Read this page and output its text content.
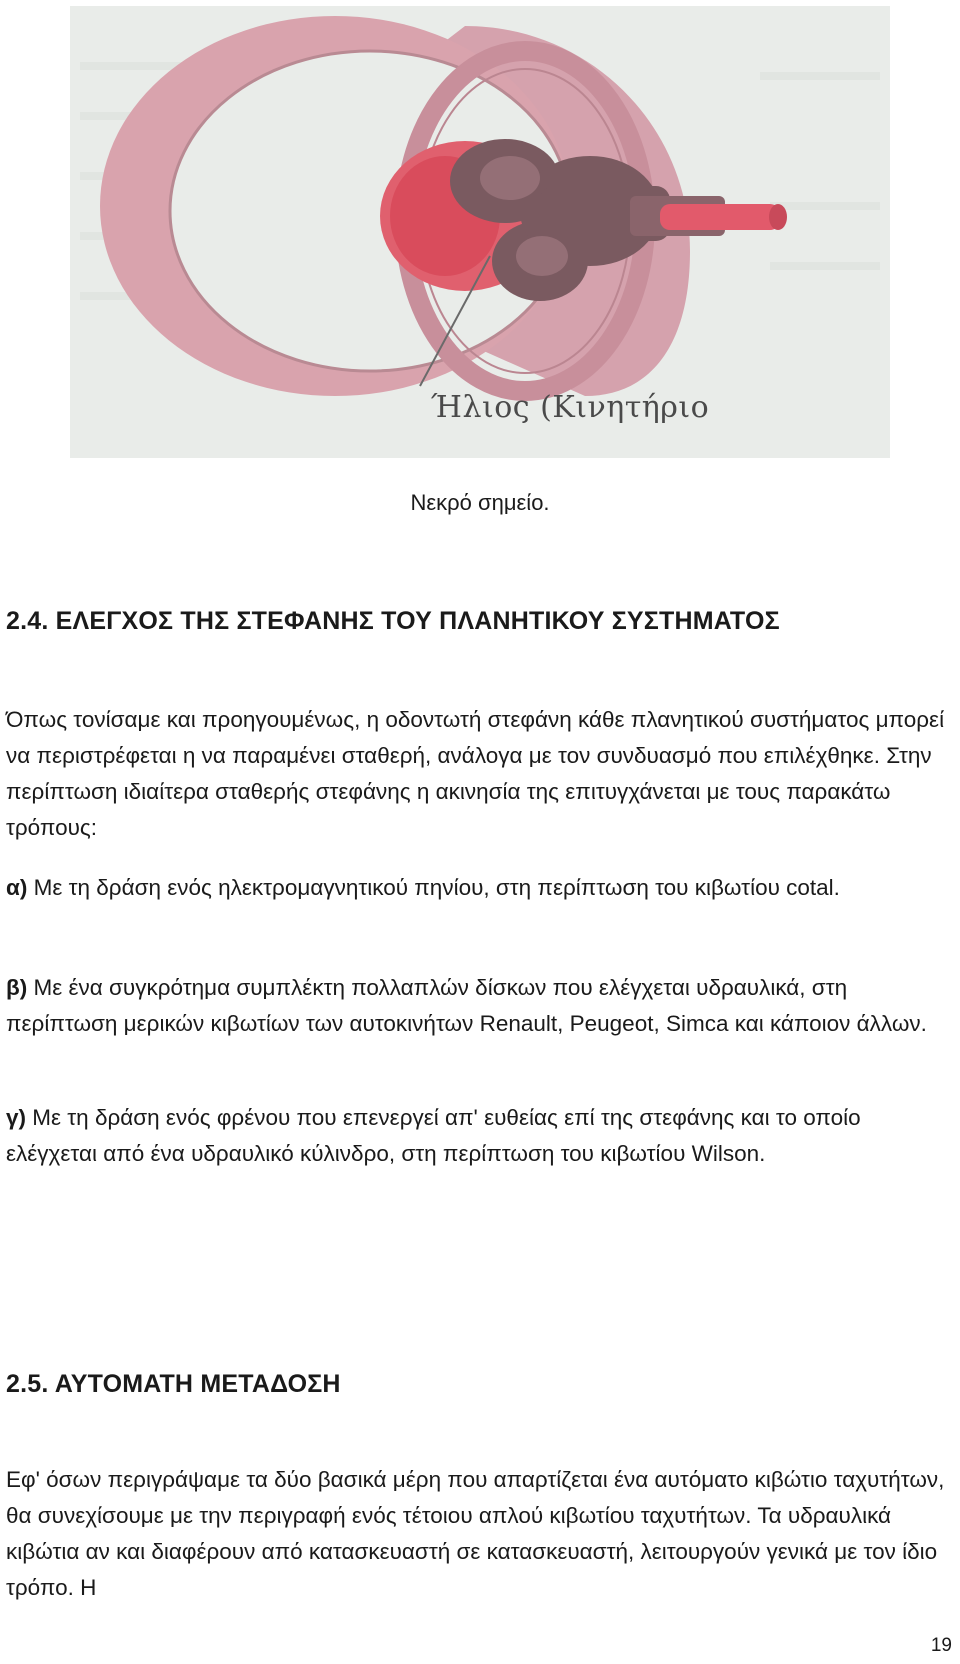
Ήλιος (Κινητήριο
Νεκρό σημείο.
2.4. ΕΛΕΓΧΟΣ ΤΗΣ ΣΤΕΦΑΝΗΣ ΤΟΥ ΠΛΑΝΗΤΙΚΟΥ ΣΥΣΤΗΜΑΤΟΣ

Όπως τονίσαμε και προηγουμένως, η οδοντωτή στεφάνη κάθε πλανητικού συστήματος μπορεί να περιστρέφεται η να παραμένει σταθερή, ανάλογα με τον συνδυασμό που επιλέχθηκε. Στην περίπτωση ιδιαίτερα σταθερής στεφάνης η ακινησία της επιτυγχάνεται με τους παρακάτω τρόπους:

α) Με τη δράση ενός ηλεκτρομαγνητικού πηνίου, στη περίπτωση του κιβωτίου cotal.

β) Με ένα συγκρότημα συμπλέκτη πολλαπλών δίσκων που ελέγχεται υδραυλικά, στη περίπτωση μερικών κιβωτίων των αυτοκινήτων Renault, Peugeot, Simca και κάποιον άλλων.

γ) Με τη δράση ενός φρένου που επενεργεί απ' ευθείας επί της στεφάνης και το οποίο ελέγχεται από ένα υδραυλικό κύλινδρο, στη περίπτωση του κιβωτίου Wilson.

2.5. ΑΥΤΟΜΑΤΗ ΜΕΤΑΔΟΣΗ

Εφ' όσων περιγράψαμε τα δύο βασικά μέρη που απαρτίζεται ένα αυτόματο κιβώτιο ταχυτήτων, θα συνεχίσουμε με την περιγραφή ενός τέτοιου απλού κιβωτίου ταχυτήτων. Τα υδραυλικά κιβώτια αν και διαφέρουν από κατασκευαστή σε κατασκευαστή, λειτουργούν γενικά με τον ίδιο τρόπο. Η

19
